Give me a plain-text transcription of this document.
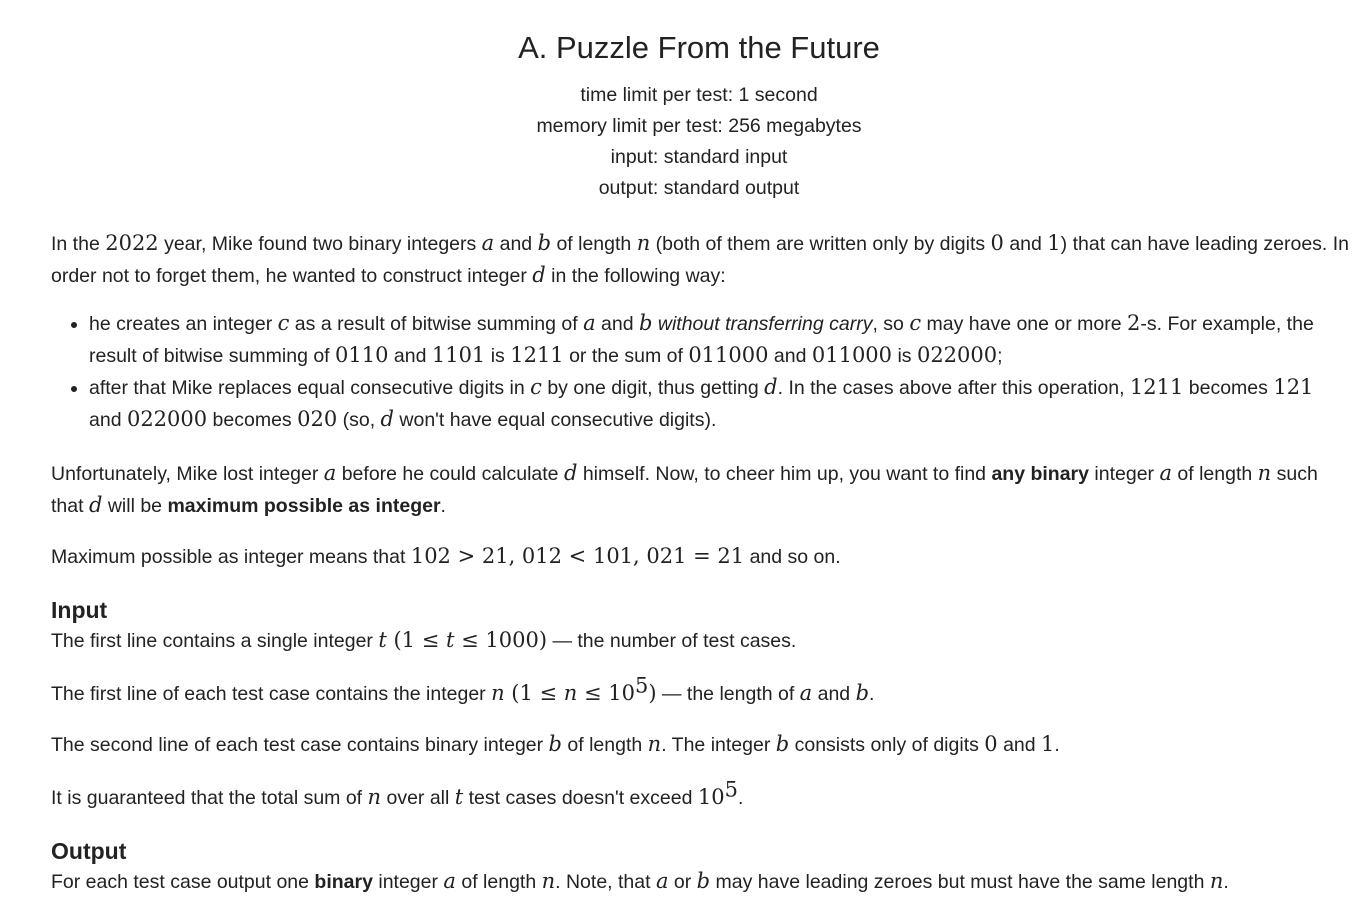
A. Puzzle From the Future
time limit per test: 1 second
memory limit per test: 256 megabytes
input: standard input
output: standard output

In the 2022 year, Mike found two binary integers a and b of length n (both of them are written only by digits 0 and 1) that can have leading zeroes. In order not to forget them, he wanted to construct integer d in the following way:

• he creates an integer c as a result of bitwise summing of a and b without transferring carry, so c may have one or more 2-s. For example, the result of bitwise summing of 0110 and 1101 is 1211 or the sum of 011000 and 011000 is 022000;
• after that Mike replaces equal consecutive digits in c by one digit, thus getting d. In the cases above after this operation, 1211 becomes 121 and 022000 becomes 020 (so, d won't have equal consecutive digits).

Unfortunately, Mike lost integer a before he could calculate d himself. Now, to cheer him up, you want to find any binary integer a of length n such that d will be maximum possible as integer.

Maximum possible as integer means that 102 > 21, 012 < 101, 021 = 21 and so on.

Input

The first line contains a single integer t (1 ≤ t ≤ 1000) — the number of test cases.

The first line of each test case contains the integer n $(1 \le n \le 10^5)$ — the length of a and b.

The second line of each test case contains binary integer b of length n. The integer b consists only of digits 0 and 1.

It is guaranteed that the total sum of n over all t test cases doesn't exceed $10^5$.

Output

For each test case output one binary integer a of length n. Note, that a or b may have leading zeroes but must have the same length n.
